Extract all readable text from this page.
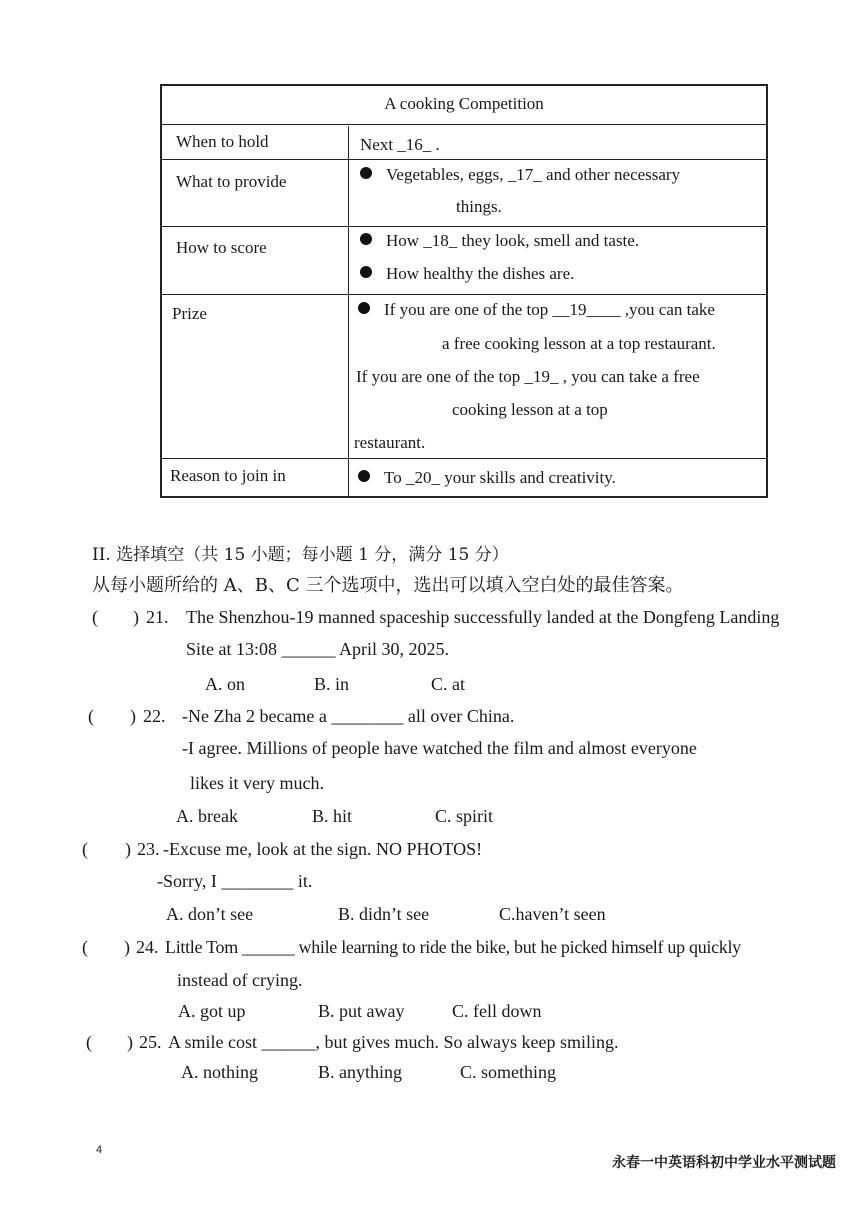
A cooking Competition
When to hold	Next _16_ .
What to provide	Vegetables, eggs, _17_ and other necessary
things.
How to score	How _18_ they look, smell and taste.
How healthy the dishes are.
Prize	If you are one of the top __19____ ,you can take
a free cooking lesson at a top restaurant.
If you are one of the top _19_ , you can take a free
cooking lesson at a top
restaurant.
Reason to join in	To _20_ your skills and creativity.
II. 选择填空（共 15 小题；每小题 1 分，满分 15 分）
从每小题所给的 A、B、C 三个选项中，选出可以填入空白处的最佳答案。
( ) 21. The Shenzhou-19 manned spaceship successfully landed at the Dongfeng Landing
Site at 13:08 ______ April 30, 2025.
A. on	B. in	C. at
( ) 22. -Ne Zha 2 became a ________ all over China.
-I agree. Millions of people have watched the film and almost everyone
likes it very much.
A. break	B. hit	C. spirit
( ) 23. -Excuse me, look at the sign. NO PHOTOS!
-Sorry, I ________ it.
A. don’t see	B. didn’t see	C.haven’t seen
( ) 24. Little Tom ______ while learning to ride the bike, but he picked himself up quickly
instead of crying.
A. got up	B. put away	C. fell down
( ) 25. A smile cost ______, but gives much. So always keep smiling.
A. nothing	B. anything	C. something
4
永春一中英语科初中学业水平测试题
